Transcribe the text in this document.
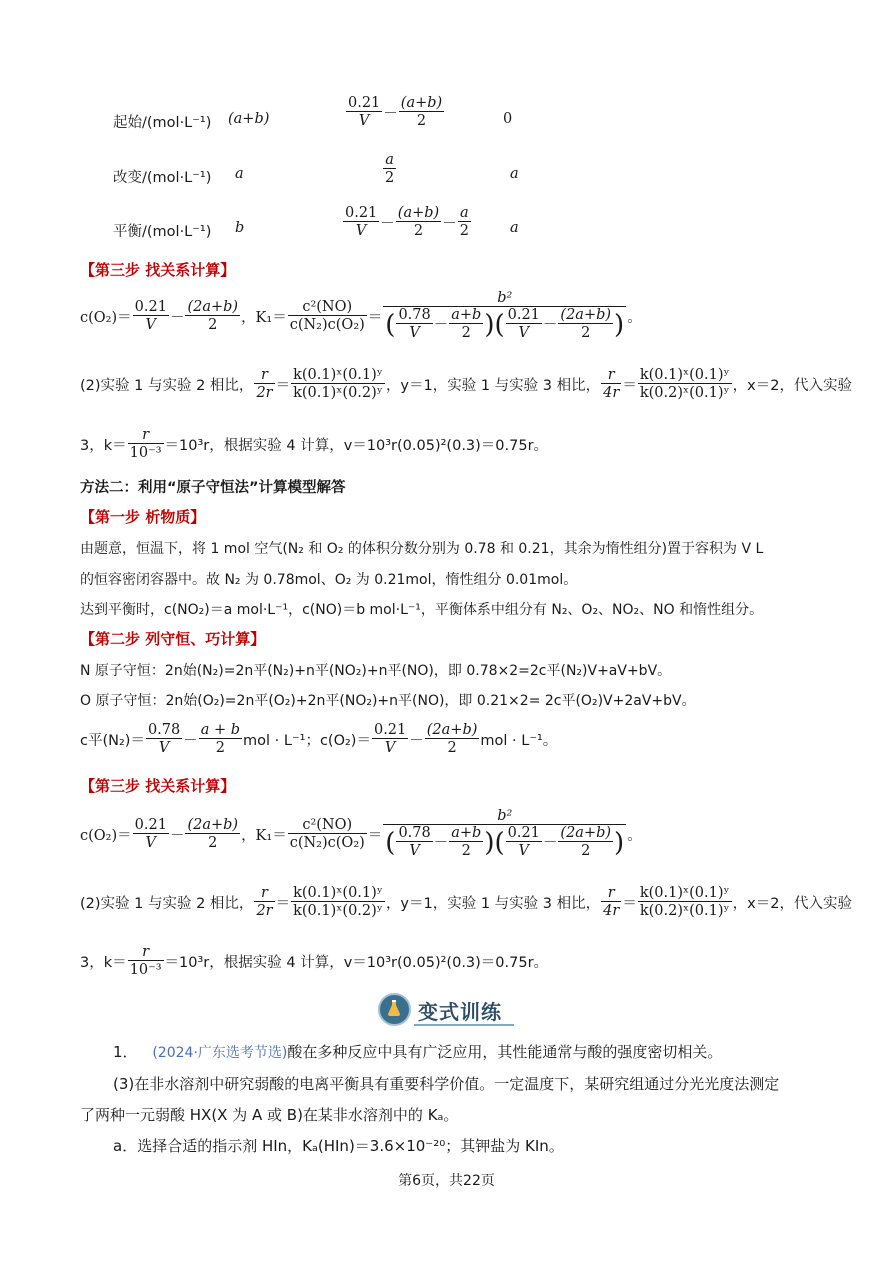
起始/(mol·L⁻¹) (a+b)	$\frac{0.21}{V} - \frac{(a+b)}{2}$	0
改变/(mol·L⁻¹) a	$\frac{a}{2}$	a
平衡/(mol·L⁻¹) b	$\frac{0.21}{V} - \frac{(a+b)}{2} - \frac{a}{2}$	a
【第三步 找关系计算】
$c(O_2)= \frac{0.21}{V} - \frac{(2a+b)}{2}$ ，$K_1= \frac{\text{c²(NO)}}{\text{c(N₂)c(O₂)}}$ ＝
b²
( $\frac{0.78}{V} - \frac{a+b}{2}$ )( $\frac{0.21}{V} - \frac{(2a+b)}{2}$ ) 。
(2)实验 1 与实验 2 相比， $\frac{r}{2r} = \frac{\text{k(0.1)ˣ(0.1)ʸ}}{\text{k(0.1)ˣ(0.2)ʸ}}$ ，y＝1，实验 1 与实验 3 相比， $\frac{r}{4r} = \frac{\text{k(0.1)ˣ(0.1)ʸ}}{\text{k(0.2)ˣ(0.1)ʸ}}$ ，x＝2，代入实验
3，$k= \frac{r}{\text{10⁻³}} =10^3r$，根据实验 4 计算，v＝10³r(0.05)²(0.3)＝0.75r。
方法二：利用“原子守恒法”计算模型解答
【第一步 析物质】
由题意，恒温下，将 1 mol 空气(N₂ 和 O₂ 的体积分数分别为 0.78 和 0.21，其余为惰性组分)置于容积为 V L
的恒容密闭容器中。故 N₂ 为 0.78mol、O₂ 为 0.21mol，惰性组分 0.01mol。
达到平衡时，c(NO₂)＝a mol·L⁻¹，c(NO)＝b mol·L⁻¹，平衡体系中组分有 N₂、O₂、NO₂、NO 和惰性组分。
【第二步 列守恒、巧计算】
N 原子守恒：2n始(N₂)=2n平(N₂)+n平(NO₂)+n平(NO)，即 0.78×2=2c平(N₂)V+aV+bV。
O 原子守恒：2n始(O₂)=2n平(O₂)+2n平(NO₂)+n平(NO)，即 0.21×2= 2c平(O₂)V+2aV+bV。
c平$(N_2)= \frac{0.78}{V} - \frac{a + b}{2}$ mol · L⁻¹；$c(O_2)= \frac{0.21}{V} - \frac{(2a+b)}{2}$ mol · L⁻¹。
【第三步 找关系计算】
$c(O_2)= \frac{0.21}{V} - \frac{(2a+b)}{2}$ ，$K_1= \frac{\text{c²(NO)}}{\text{c(N₂)c(O₂)}}$ ＝
b²
( $\frac{0.78}{V} - \frac{a+b}{2}$ )( $\frac{0.21}{V} - \frac{(2a+b)}{2}$ ) 。
(2)实验 1 与实验 2 相比， $\frac{r}{2r} = \frac{\text{k(0.1)ˣ(0.1)ʸ}}{\text{k(0.1)ˣ(0.2)ʸ}}$ ，y＝1，实验 1 与实验 3 相比， $\frac{r}{4r} = \frac{\text{k(0.1)ˣ(0.1)ʸ}}{\text{k(0.2)ˣ(0.1)ʸ}}$ ，x＝2，代入实验
3，$k= \frac{r}{\text{10⁻³}} =10^3r$，根据实验 4 计算，v＝10³r(0.05)²(0.3)＝0.75r。
变式训练
1． (2024·广东选考节选)酸在多种反应中具有广泛应用，其性能通常与酸的强度密切相关。
(3)在非水溶剂中研究弱酸的电离平衡具有重要科学价值。一定温度下，某研究组通过分光光度法测定
了两种一元弱酸 HX(X 为 A 或 B)在某非水溶剂中的 Kₐ。
a．选择合适的指示剂 HIn，Kₐ(HIn)＝3.6×10⁻²⁰；其钾盐为 KIn。
第6页，共22页
